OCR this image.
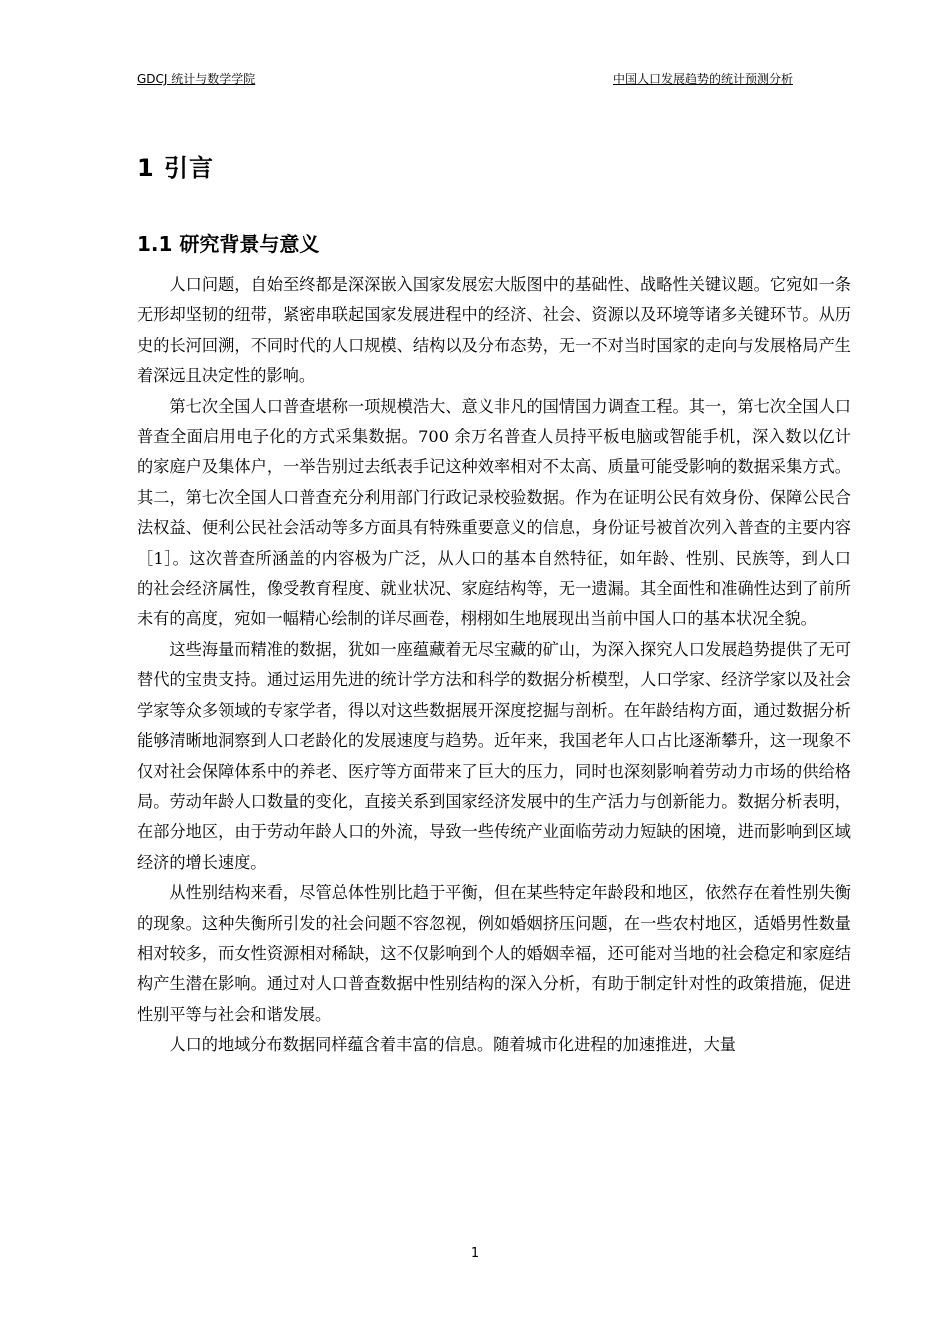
GDCJ 统计与数学学院	中国人口发展趋势的统计预测分析
1 引言
1.1 研究背景与意义

人口问题，自始至终都是深深嵌入国家发展宏大版图中的基础性、战略性关键议题。它宛如一条无形却坚韧的纽带，紧密串联起国家发展进程中的经济、社会、资源以及环境等诸多关键环节。从历史的长河回溯，不同时代的人口规模、结构以及分布态势，无一不对当时国家的走向与发展格局产生着深远且决定性的影响。

第七次全国人口普查堪称一项规模浩大、意义非凡的国情国力调查工程。其一，第七次全国人口普查全面启用电子化的方式采集数据。700 余万名普查人员持平板电脑或智能手机，深入数以亿计的家庭户及集体户，一举告别过去纸表手记这种效率相对不太高、质量可能受影响的数据采集方式。其二，第七次全国人口普查充分利用部门行政记录校验数据。作为在证明公民有效身份、保障公民合法权益、便利公民社会活动等多方面具有特殊重要意义的信息，身份证号被首次列入普查的主要内容［1］。这次普查所涵盖的内容极为广泛，从人口的基本自然特征，如年龄、性别、民族等，到人口的社会经济属性，像受教育程度、就业状况、家庭结构等，无一遗漏。其全面性和准确性达到了前所未有的高度，宛如一幅精心绘制的详尽画卷，栩栩如生地展现出当前中国人口的基本状况全貌。

这些海量而精准的数据，犹如一座蕴藏着无尽宝藏的矿山，为深入探究人口发展趋势提供了无可替代的宝贵支持。通过运用先进的统计学方法和科学的数据分析模型，人口学家、经济学家以及社会学家等众多领域的专家学者，得以对这些数据展开深度挖掘与剖析。在年龄结构方面，通过数据分析能够清晰地洞察到人口老龄化的发展速度与趋势。近年来，我国老年人口占比逐渐攀升，这一现象不仅对社会保障体系中的养老、医疗等方面带来了巨大的压力，同时也深刻影响着劳动力市场的供给格局。劳动年龄人口数量的变化，直接关系到国家经济发展中的生产活力与创新能力。数据分析表明，在部分地区，由于劳动年龄人口的外流，导致一些传统产业面临劳动力短缺的困境，进而影响到区域经济的增长速度。

从性别结构来看，尽管总体性别比趋于平衡，但在某些特定年龄段和地区，依然存在着性别失衡的现象。这种失衡所引发的社会问题不容忽视，例如婚姻挤压问题，在一些农村地区，适婚男性数量相对较多，而女性资源相对稀缺，这不仅影响到个人的婚姻幸福，还可能对当地的社会稳定和家庭结构产生潜在影响。通过对人口普查数据中性别结构的深入分析，有助于制定针对性的政策措施，促进性别平等与社会和谐发展。

人口的地域分布数据同样蕴含着丰富的信息。随着城市化进程的加速推进，大量

1
